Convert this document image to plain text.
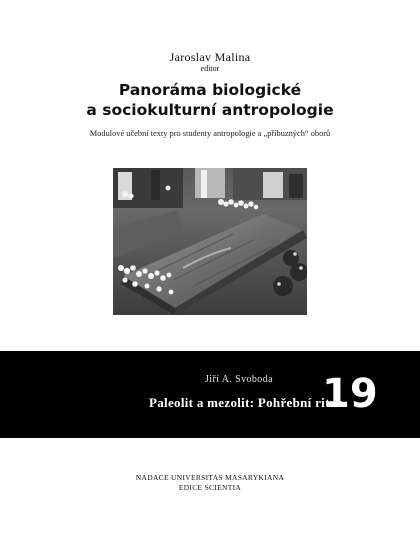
Jaroslav Malina
editor
Panoráma biologické
a sociokulturní antropologie
Modulové učební texty pro studenty antropologie a „příbuzných“ oborů
Jiří A. Svoboda
Paleolit a mezolit: Pohřební ritus
19
NADACE UNIVERSITAS MASARYKIANA
EDICE SCIENTIA
